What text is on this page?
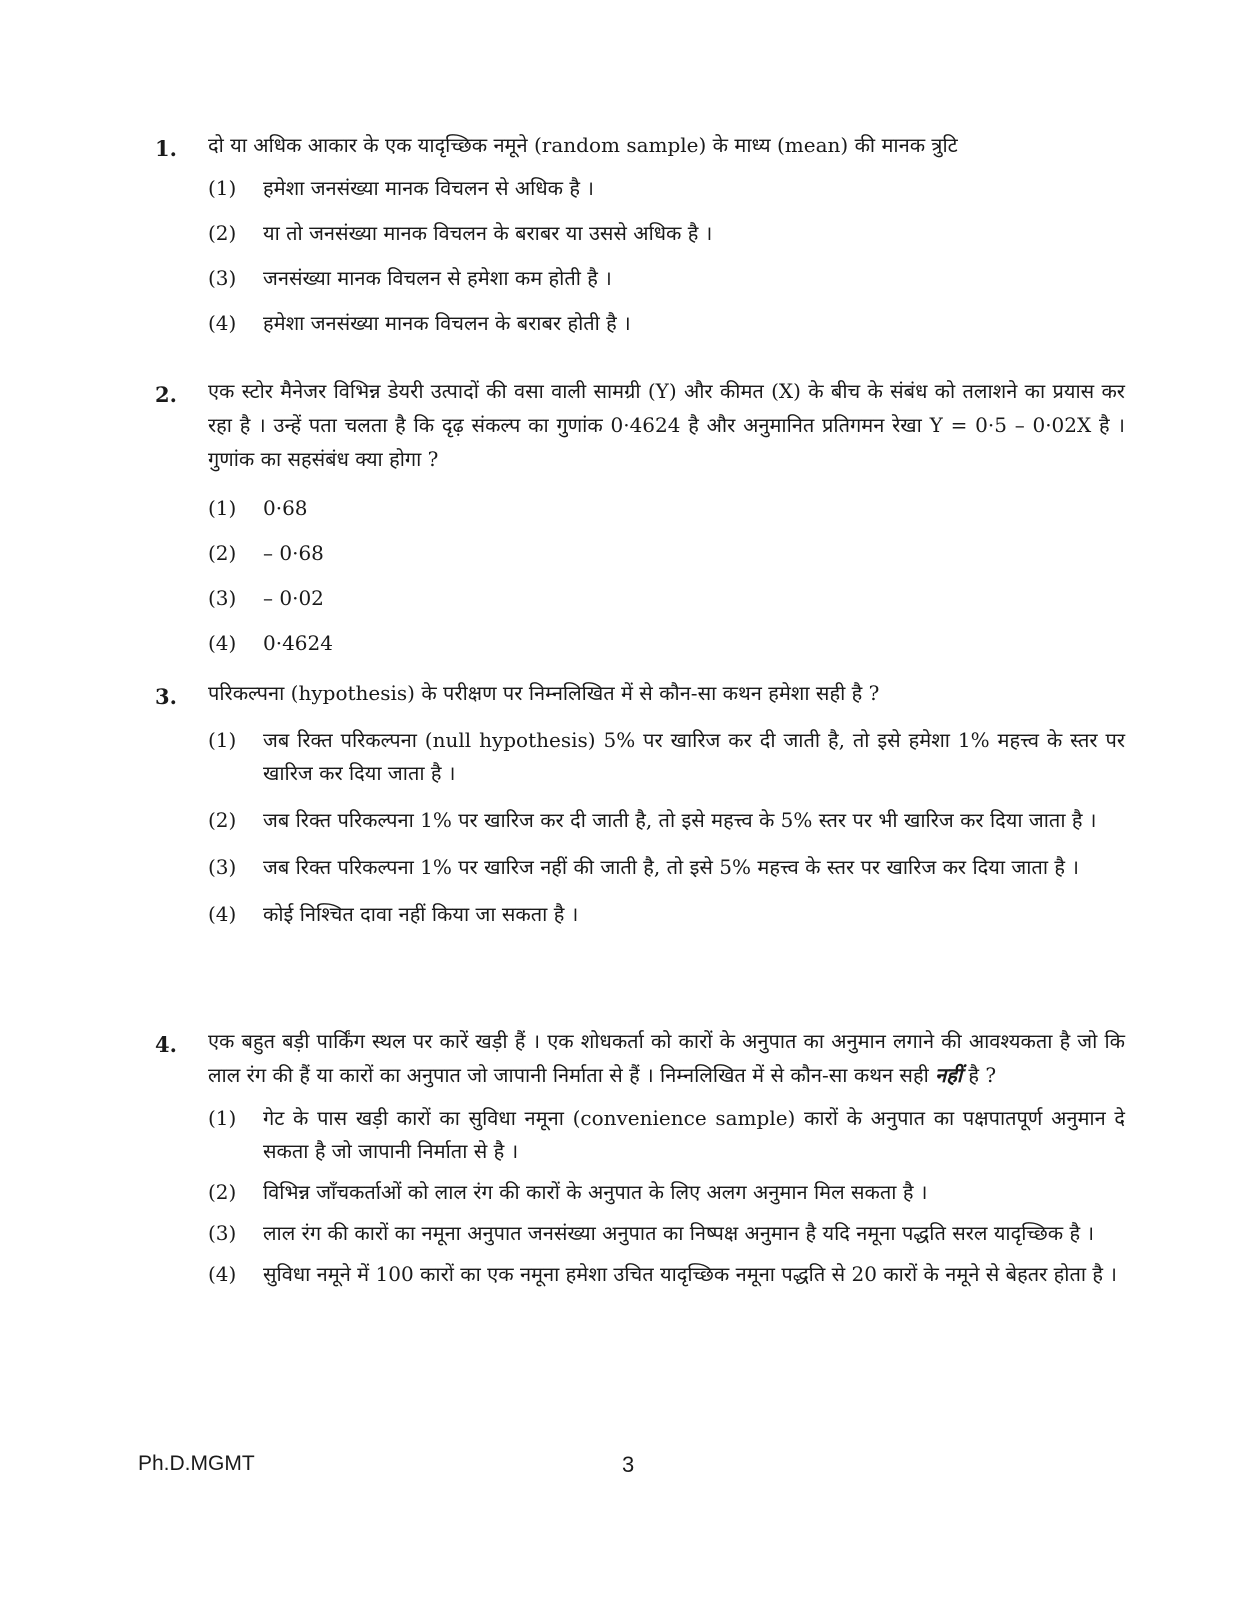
1. दो या अधिक आकार के एक यादृच्छिक नमूने (random sample) के माध्य (mean) की मानक त्रुटि
(1) हमेशा जनसंख्या मानक विचलन से अधिक है ।
(2) या तो जनसंख्या मानक विचलन के बराबर या उससे अधिक है ।
(3) जनसंख्या मानक विचलन से हमेशा कम होती है ।
(4) हमेशा जनसंख्या मानक विचलन के बराबर होती है ।
2. एक स्टोर मैनेजर विभिन्न डेयरी उत्पादों की वसा वाली सामग्री (Y) और कीमत (X) के बीच के संबंध को तलाशने का प्रयास कर रहा है । उन्हें पता चलता है कि दृढ़ संकल्प का गुणांक 0·4624 है और अनुमानित प्रतिगमन रेखा Y = 0·5 – 0·02X है । गुणांक का सहसंबंध क्या होगा ?
(1) 0·68
(2) – 0·68
(3) – 0·02
(4) 0·4624
3. परिकल्पना (hypothesis) के परीक्षण पर निम्नलिखित में से कौन-सा कथन हमेशा सही है ?
(1) जब रिक्त परिकल्पना (null hypothesis) 5% पर खारिज कर दी जाती है, तो इसे हमेशा 1% महत्त्व के स्तर पर खारिज कर दिया जाता है ।
(2) जब रिक्त परिकल्पना 1% पर खारिज कर दी जाती है, तो इसे महत्त्व के 5% स्तर पर भी खारिज कर दिया जाता है ।
(3) जब रिक्त परिकल्पना 1% पर खारिज नहीं की जाती है, तो इसे 5% महत्त्व के स्तर पर खारिज कर दिया जाता है ।
(4) कोई निश्चित दावा नहीं किया जा सकता है ।
4. एक बहुत बड़ी पार्किंग स्थल पर कारें खड़ी हैं । एक शोधकर्ता को कारों के अनुपात का अनुमान लगाने की आवश्यकता है जो कि लाल रंग की हैं या कारों का अनुपात जो जापानी निर्माता से हैं । निम्नलिखित में से कौन-सा कथन सही नहीं है ?
(1) गेट के पास खड़ी कारों का सुविधा नमूना (convenience sample) कारों के अनुपात का पक्षपातपूर्ण अनुमान दे सकता है जो जापानी निर्माता से है ।
(2) विभिन्न जाँचकर्ताओं को लाल रंग की कारों के अनुपात के लिए अलग अनुमान मिल सकता है ।
(3) लाल रंग की कारों का नमूना अनुपात जनसंख्या अनुपात का निष्पक्ष अनुमान है यदि नमूना पद्धति सरल यादृच्छिक है ।
(4) सुविधा नमूने में 100 कारों का एक नमूना हमेशा उचित यादृच्छिक नमूना पद्धति से 20 कारों के नमूने से बेहतर होता है ।
Ph.D.MGMT	3
